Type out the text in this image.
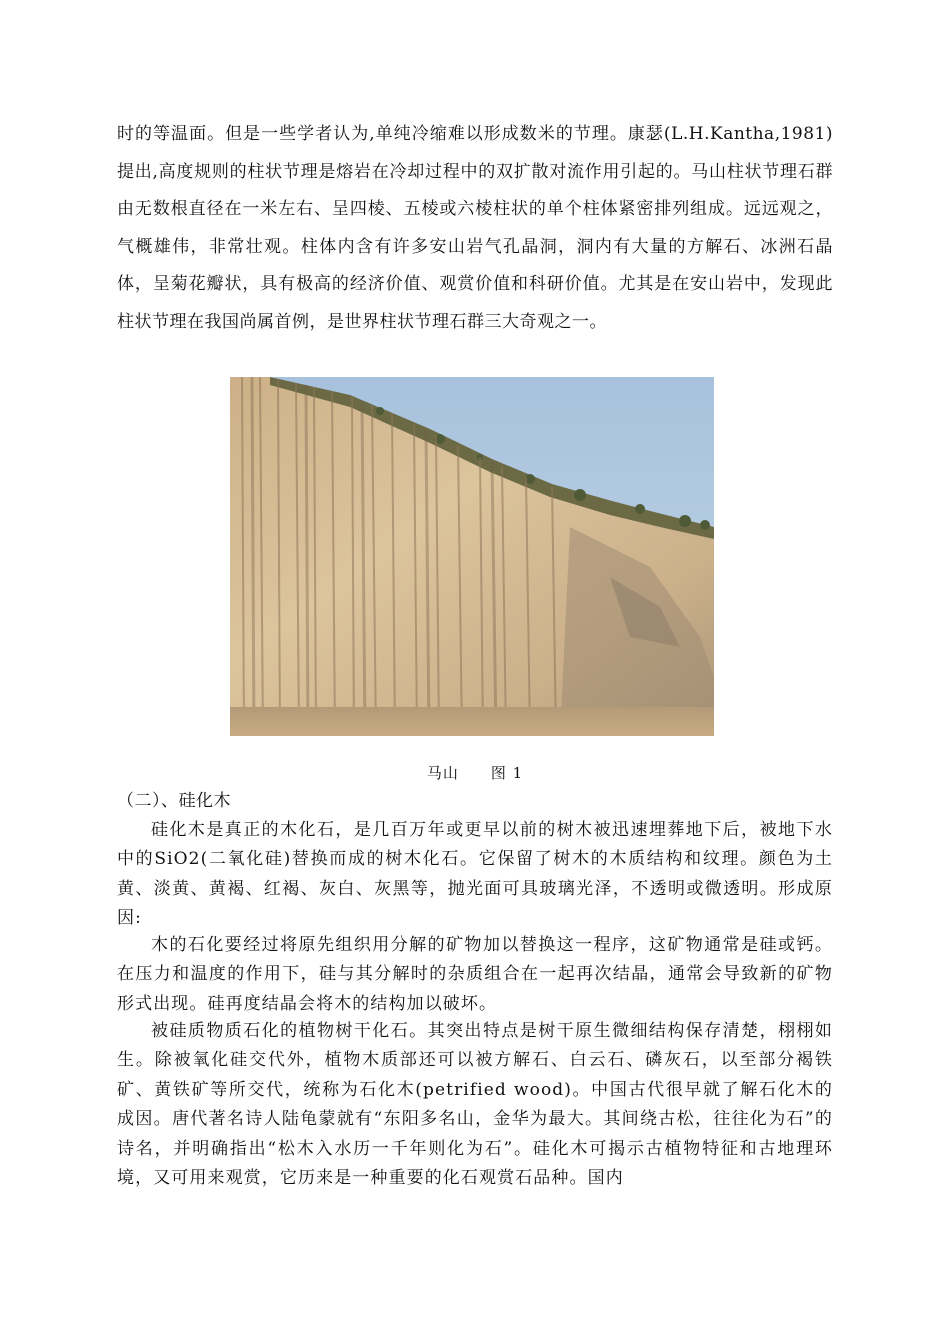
时的等温面。但是一些学者认为,单纯冷缩难以形成数米的节理。康瑟(L.H.Kantha,1981)提出,高度规则的柱状节理是熔岩在冷却过程中的双扩散对流作用引起的。马山柱状节理石群由无数根直径在一米左右、呈四棱、五棱或六棱柱状的单个柱体紧密排列组成。远远观之，气概雄伟，非常壮观。柱体内含有许多安山岩气孔晶洞，洞内有大量的方解石、冰洲石晶体，呈菊花瓣状，具有极高的经济价值、观赏价值和科研价值。尤其是在安山岩中，发现此柱状节理在我国尚属首例，是世界柱状节理石群三大奇观之一。

马山　　图 1
（二）、硅化木

硅化木是真正的木化石，是几百万年或更早以前的树木被迅速埋葬地下后，被地下水中的SiO2(二氧化硅)替换而成的树木化石。它保留了树木的木质结构和纹理。颜色为土黄、淡黄、黄褐、红褐、灰白、灰黑等，抛光面可具玻璃光泽，不透明或微透明。形成原因:

木的石化要经过将原先组织用分解的矿物加以替换这一程序，这矿物通常是硅或钙。在压力和温度的作用下，硅与其分解时的杂质组合在一起再次结晶，通常会导致新的矿物形式出现。硅再度结晶会将木的结构加以破坏。

被硅质物质石化的植物树干化石。其突出特点是树干原生微细结构保存清楚，栩栩如生。除被氧化硅交代外，植物木质部还可以被方解石、白云石、磷灰石，以至部分褐铁矿、黄铁矿等所交代，统称为石化木(petrified wood)。中国古代很早就了解石化木的成因。唐代著名诗人陆龟蒙就有“东阳多名山，金华为最大。其间绕古松，往往化为石”的诗名，并明确指出“松木入水历一千年则化为石”。硅化木可揭示古植物特征和古地理环境，又可用来观赏，它历来是一种重要的化石观赏石品种。国内
